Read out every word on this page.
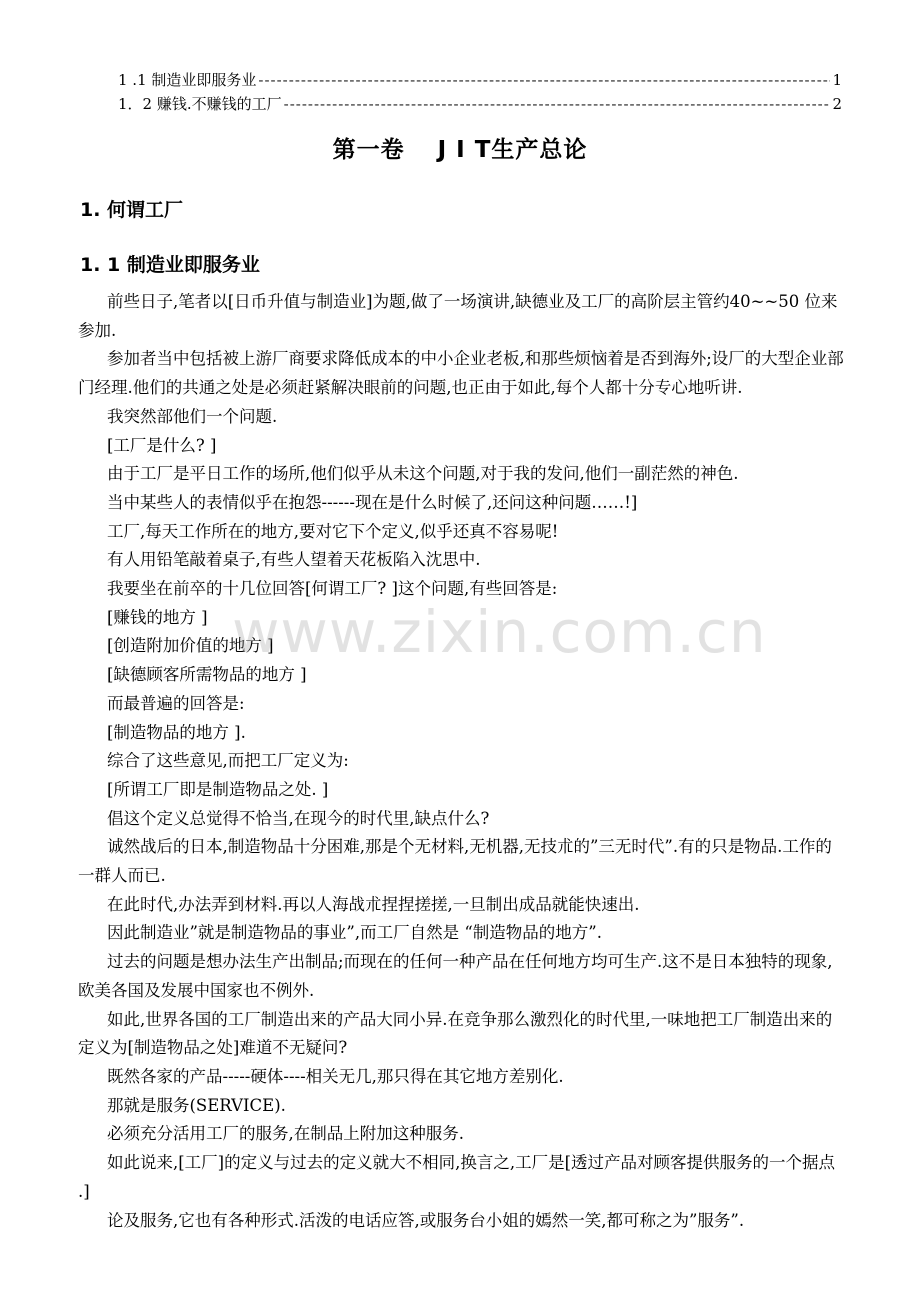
1 .1 制造业即服务业 -----	1
1．2 赚钱.不赚钱的工厂 -----	2
第一卷　 J I T生产总论
1. 何谓工厂
1. 1 制造业即服务业

前些日子,笔者以[日币升值与制造业]为题,做了一场演讲,缺德业及工厂的高阶层主管约40~~50 位来参加.

参加者当中包括被上游厂商要求降低成本的中小企业老板,和那些烦恼着是否到海外;设厂的大型企业部门经理.他们的共通之处是必须赶紧解决眼前的问题,也正由于如此,每个人都十分专心地听讲.

我突然部他们一个问题.

[工厂是什么? ]

由于工厂是平日工作的场所,他们似乎从未这个问题,对于我的发问,他们一副茫然的神色.

当中某些人的表情似乎在抱怨------现在是什么时候了,还问这种问题……!]

工厂,每天工作所在的地方,要对它下个定义,似乎还真不容易呢!

有人用铅笔敲着桌子,有些人望着天花板陷入沈思中.

我要坐在前卒的十几位回答[何谓工厂? ]这个问题,有些回答是:

[赚钱的地方 ]

[创造附加价值的地方 ]

[缺德顾客所需物品的地方 ]

而最普遍的回答是:

[制造物品的地方 ].

综合了这些意见,而把工厂定义为:

[所谓工厂即是制造物品之处. ]

倡这个定义总觉得不恰当,在现今的时代里,缺点什么?

诚然战后的日本,制造物品十分困难,那是个无材料,无机器,无技朮的”三无时代”.有的只是物品.工作的一群人而已.

在此时代,办法弄到材料.再以人海战朮捏捏搓搓,一旦制出成品就能快速出.

因此制造业”就是制造物品的事业”,而工厂自然是 “制造物品的地方”.

过去的问题是想办法生产出制品;而现在的任何一种产品在任何地方均可生产.这不是日本独特的现象,欧美各国及发展中国家也不例外.

如此,世界各国的工厂制造出来的产品大同小异.在竞争那么激烈化的时代里,一味地把工厂制造出来的定义为[制造物品之处]难道不无疑问?

既然各家的产品-----硬体----相关无几,那只得在其它地方差别化.

那就是服务(SERVICE).

必须充分活用工厂的服务,在制品上附加这种服务.

如此说来,[工厂]的定义与过去的定义就大不相同,换言之,工厂是[透过产品对顾客提供服务的一个据点 .]

论及服务,它也有各种形式.活泼的电话应答,或服务台小姐的嫣然一笑,都可称之为”服务”.

www.zixin.com.cn
